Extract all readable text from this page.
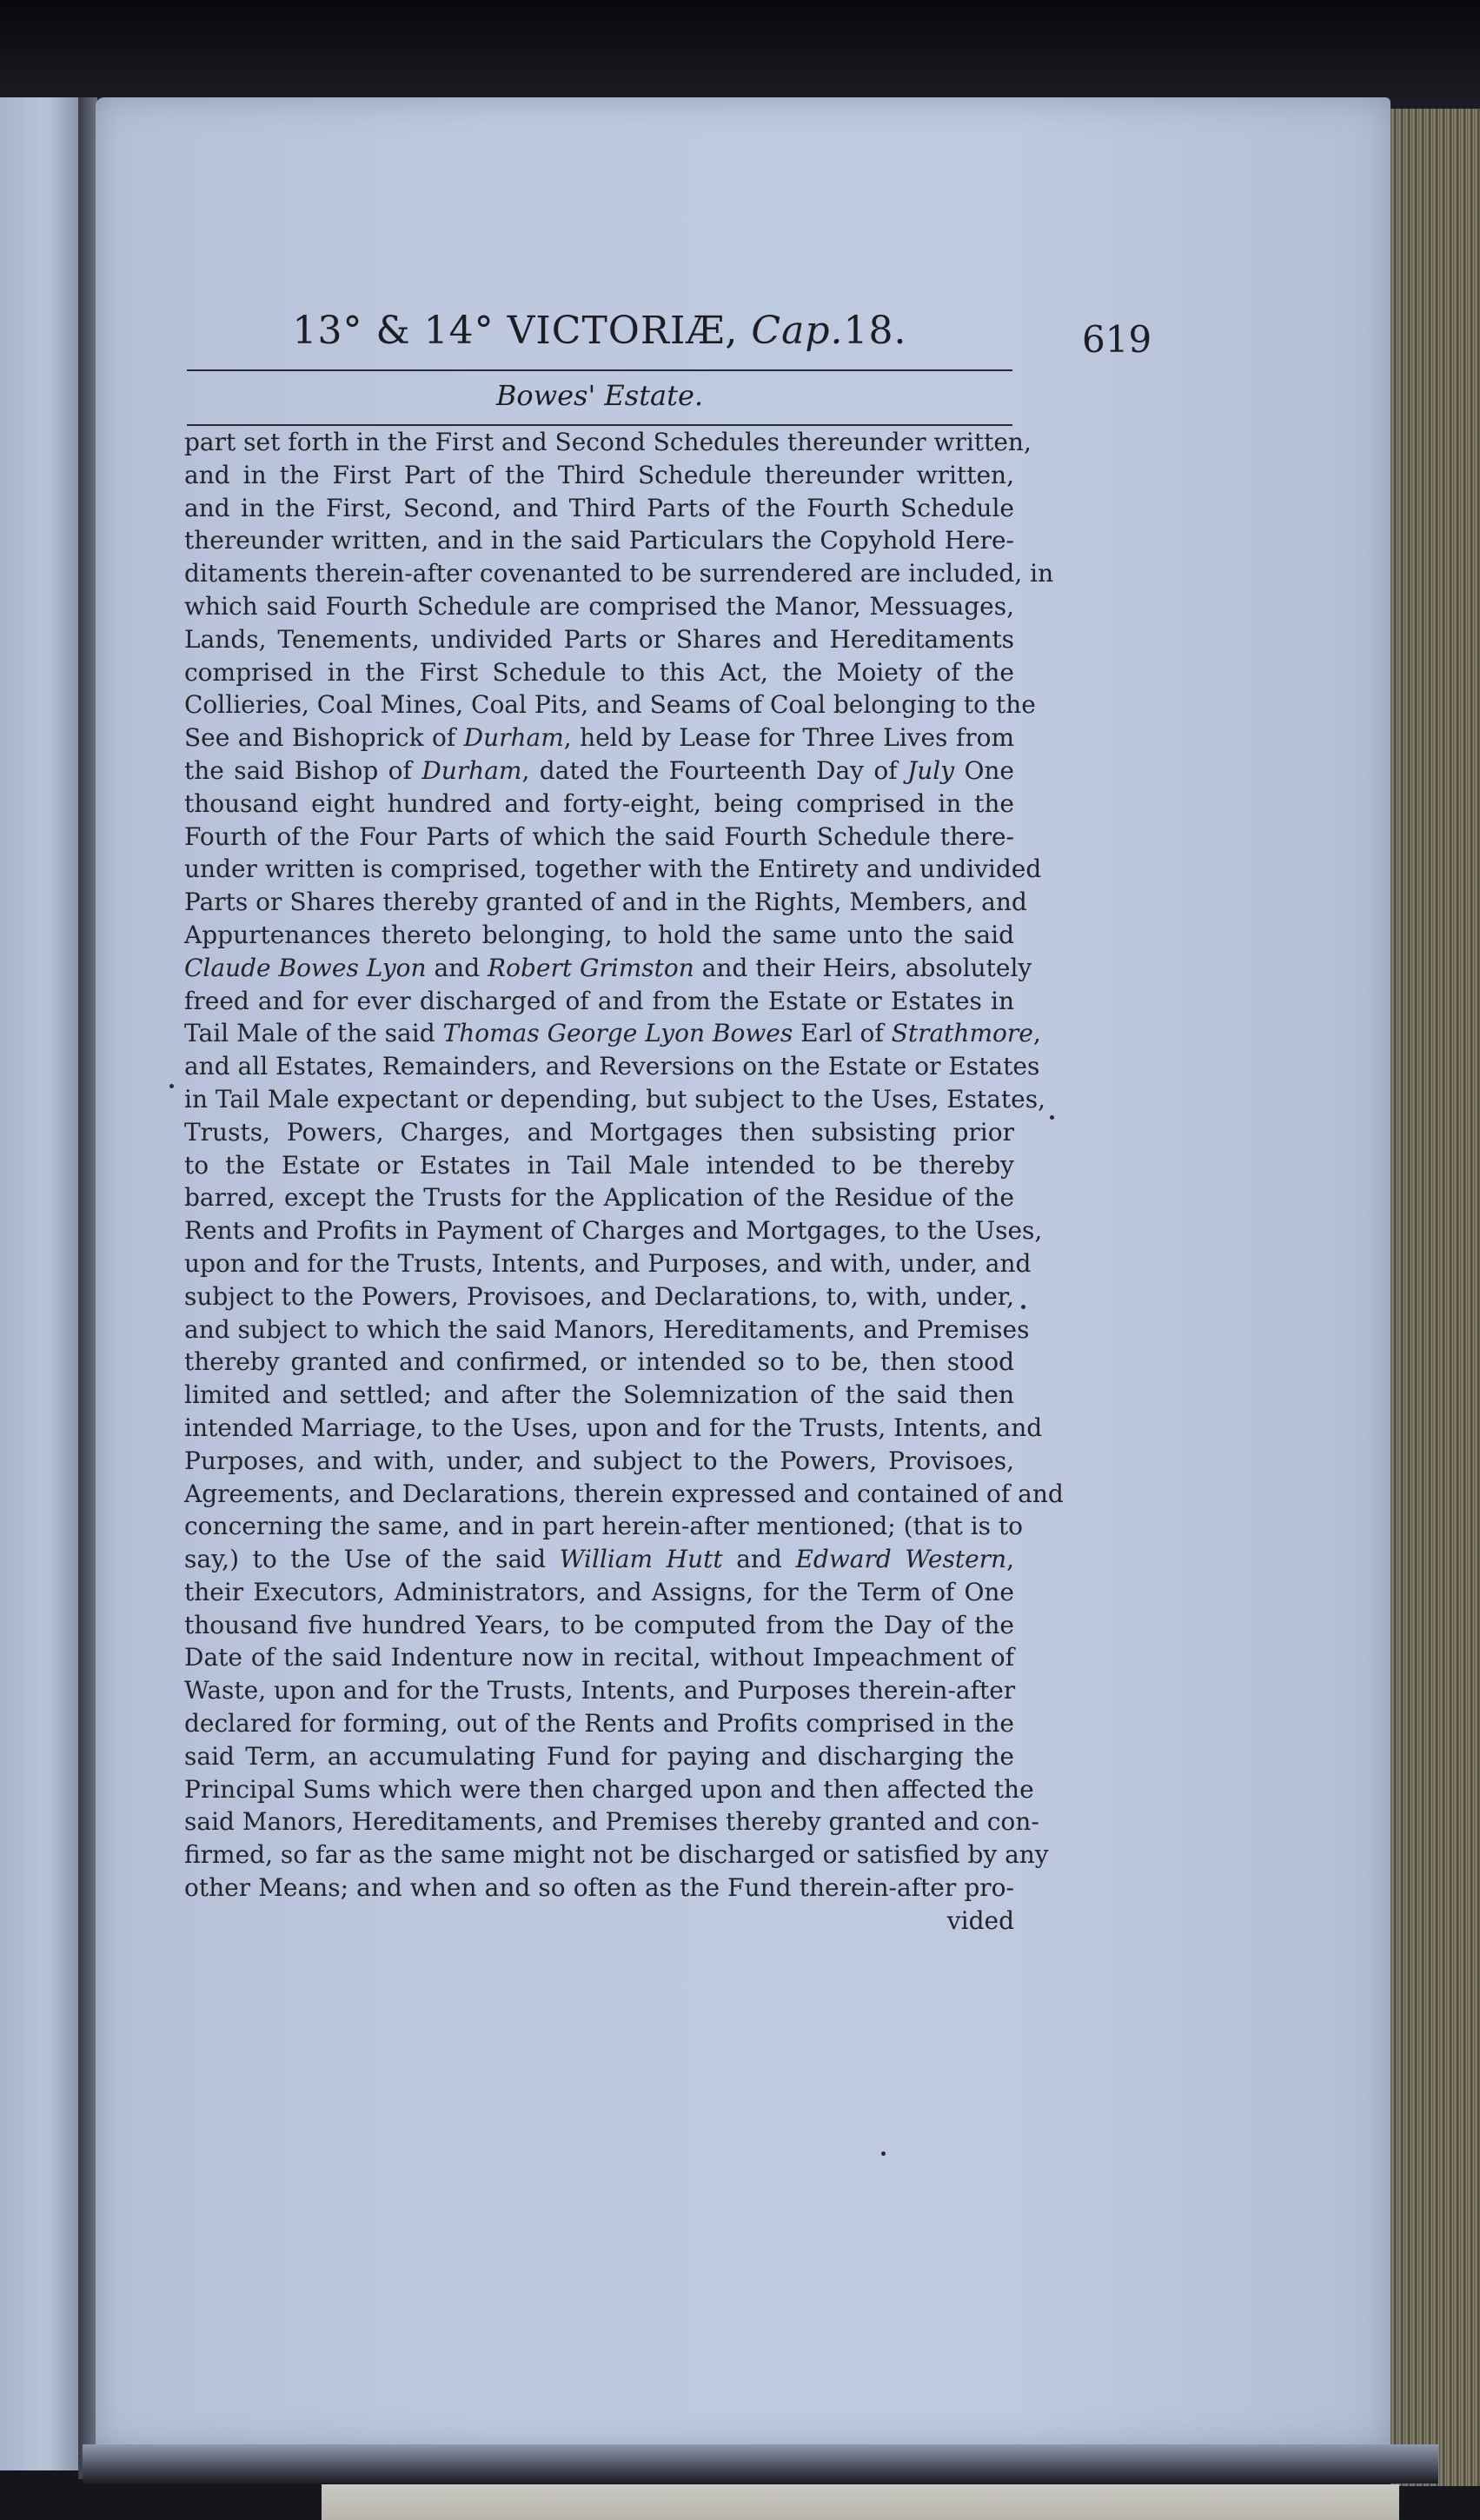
13° & 14° VICTORIÆ, Cap.18.	619
Bowes' Estate.
part set forth in the First and Second Schedules thereunder written,
and in the First Part of the Third Schedule thereunder written,
and in the First, Second, and Third Parts of the Fourth Schedule
thereunder written, and in the said Particulars the Copyhold Here-
ditaments therein-after covenanted to be surrendered are included, in
which said Fourth Schedule are comprised the Manor, Messuages,
Lands, Tenements, undivided Parts or Shares and Hereditaments
comprised in the First Schedule to this Act, the Moiety of the
Collieries, Coal Mines, Coal Pits, and Seams of Coal belonging to the
See and Bishoprick of Durham, held by Lease for Three Lives from
the said Bishop of Durham, dated the Fourteenth Day of July One
thousand eight hundred and forty-eight, being comprised in the
Fourth of the Four Parts of which the said Fourth Schedule there-
under written is comprised, together with the Entirety and undivided
Parts or Shares thereby granted of and in the Rights, Members, and
Appurtenances thereto belonging, to hold the same unto the said
Claude Bowes Lyon and Robert Grimston and their Heirs, absolutely
freed and for ever discharged of and from the Estate or Estates in
Tail Male of the said Thomas George Lyon Bowes Earl of Strathmore
and all Estates, Remainders, and Reversions on the Estate or Estates
in Tail Male expectant or depending, but subject to the Uses, Estates,
Trusts, Powers, Charges, and Mortgages then subsisting prior
to the Estate or Estates in Tail Male intended to be thereby
barred, except the Trusts for the Application of the Residue of the
Rents and Profits in Payment of Charges and Mortgages, to the Uses,
upon and for the Trusts, Intents, and Purposes, and with, under, and
subject to the Powers, Provisoes, and Declarations, to, with, under,
and subject to which the said Manors, Hereditaments, and Premises
thereby granted and confirmed, or intended so to be, then stood
limited and settled; and after the Solemnization of the said then
intended Marriage, to the Uses, upon and for the Trusts, Intents, and
Purposes, and with, under, and subject to the Powers, Provisoes,
Agreements, and Declarations, therein expressed and contained of and
concerning the same, and in part herein-after mentioned; (that is to
say,) to the Use of the said William Hutt and Edward Western,
their Executors, Administrators, and Assigns, for the Term of One
thousand five hundred Years, to be computed from the Day of the
Date of the said Indenture now in recital, without Impeachment of
Waste, upon and for the Trusts, Intents, and Purposes therein-after
declared for forming, out of the Rents and Profits comprised in the
said Term, an accumulating Fund for paying and discharging the
Principal Sums which were then charged upon and then affected the
said Manors, Hereditaments, and Premises thereby granted and con-
firmed, so far as the same might not be discharged or satisfied by any
other Means; and when and so often as the Fund therein-after pro-
vided
